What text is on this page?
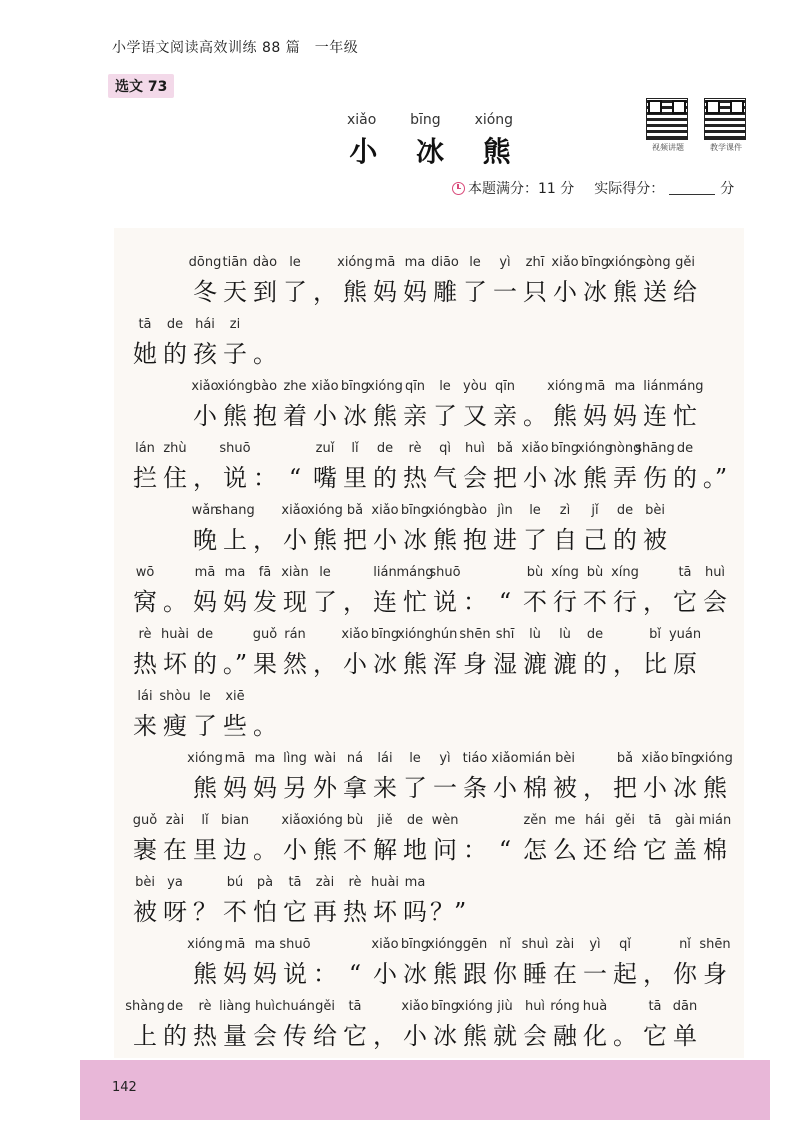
小学语文阅读高效训练 88 篇　一年级
选文 73
xiǎo bīng xióng
小 冰 熊	视频讲题	教学课件
本题满分：11 分 实际得分：	分
dōng
冬
tiān
天
dào
到
le
了 ，
xióng
熊
mā
妈
ma
妈
diāo
雕
le
了
yì
一
zhī
只
xiǎo
小
bīng
冰
xióng
熊
sòng
送
gěi
给
tā
她
de
的
hái
孩
zi
子 。
xiǎo
小
xióng
熊
bào
抱
zhe
着
xiǎo
小
bīng
冰
xióng
熊
qīn
亲
le
了
yòu
又
qīn
亲 。
xióng
熊
mā
妈
ma
妈
lián
连
máng
忙
lán
拦
zhù
住 ，
shuō
说 ： “
zuǐ
嘴
lǐ
里
de
的
rè
热
qì
气
huì
会
bǎ
把
xiǎo
小
bīng
冰
xióng
熊
nòng
弄
shāng
伤
de
的 。”
wǎn
晚
shang
上 ，
xiǎo
小
xióng
熊
bǎ
把
xiǎo
小
bīng
冰
xióng
熊
bào
抱
jìn
进
le
了
zì
自
jǐ
己
de
的
bèi
被
wō
窝 。
mā
妈
ma
妈
fā
发
xiàn
现
le
了 ，
lián
连
máng
忙
shuō
说 ： “
bù
不
xíng
行
bù
不
xíng
行 ，
tā
它
huì
会
rè
热
huài
坏
de
的 。”
guǒ
果
rán
然 ，
xiǎo
小
bīng
冰
xióng
熊
hún
浑
shēn
身
shī
湿
lù
漉
lù
漉
de
的 ，
bǐ
比
yuán
原
lái
来
shòu
瘦
le
了
xiē
些 。
xióng
熊
mā
妈
ma
妈
lìng
另
wài
外
ná
拿
lái
来
le
了
yì
一
tiáo
条
xiǎo
小
mián
棉
bèi
被 ，
bǎ
把
xiǎo
小
bīng
冰
xióng
熊
guǒ
裹
zài
在
lǐ
里
bian
边 。
xiǎo
小
xióng
熊
bù
不
jiě
解
de
地
wèn
问 ： “
zěn
怎
me
么
hái
还
gěi
给
tā
它
gài
盖
mián
棉
bèi
被
ya
呀 ？
bú
不
pà
怕
tā
它
zài
再
rè
热
huài
坏
ma
吗 ？”
xióng
熊
mā
妈
ma
妈
shuō
说 ： “
xiǎo
小
bīng
冰
xióng
熊
gēn
跟
nǐ
你
shuì
睡
zài
在
yì
一
qǐ
起 ，
nǐ
你
shēn
身
shàng
上
de
的
rè
热
liàng
量
huì
会
chuán
传
gěi
给
tā
它 ，
xiǎo
小
bīng
冰
xióng
熊
jiù
就
huì
会
róng
融
huà
化 。
tā
它
dān
单
142
